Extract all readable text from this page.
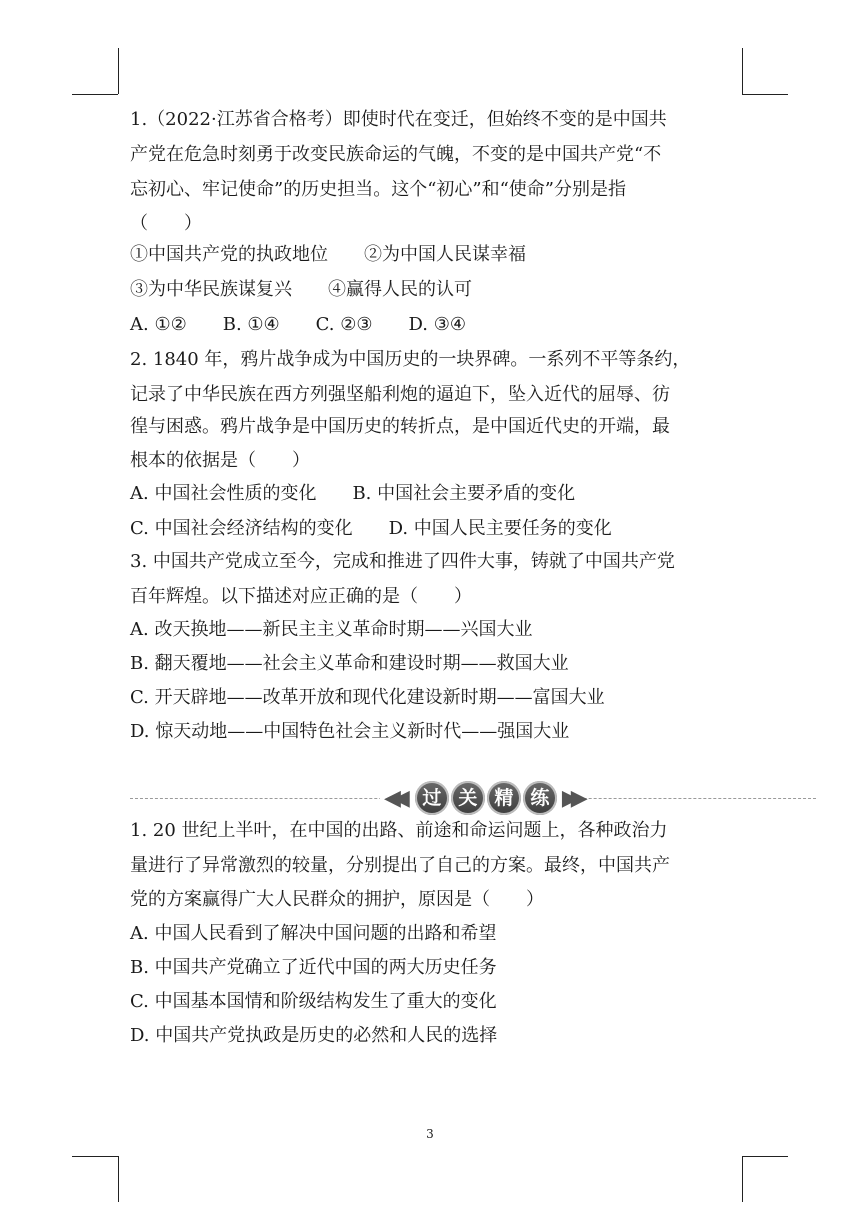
1.（2022·江苏省合格考）即使时代在变迁，但始终不变的是中国共
产党在危急时刻勇于改变民族命运的气魄，不变的是中国共产党“不
忘初心、牢记使命”的历史担当。这个“初心”和“使命”分别是指
（　　）
①中国共产党的执政地位　　②为中国人民谋幸福
③为中华民族谋复兴　　④赢得人民的认可
A. ①②　　B. ①④　　C. ②③　　D. ③④
2. 1840 年，鸦片战争成为中国历史的一块界碑。一系列不平等条约，
记录了中华民族在西方列强坚船利炮的逼迫下，坠入近代的屈辱、彷
徨与困惑。鸦片战争是中国历史的转折点，是中国近代史的开端，最
根本的依据是（　　）
A. 中国社会性质的变化　　B. 中国社会主要矛盾的变化
C. 中国社会经济结构的变化　　D. 中国人民主要任务的变化
3. 中国共产党成立至今，完成和推进了四件大事，铸就了中国共产党
百年辉煌。以下描述对应正确的是（　　）
A. 改天换地——新民主主义革命时期——兴国大业
B. 翻天覆地——社会主义革命和建设时期——救国大业
C. 开天辟地——改革开放和现代化建设新时期——富国大业
D. 惊天动地——中国特色社会主义新时代——强国大业
◀◀	过 关 精 练 ▶▶
1. 20 世纪上半叶，在中国的出路、前途和命运问题上，各种政治力
量进行了异常激烈的较量，分别提出了自己的方案。最终，中国共产
党的方案赢得广大人民群众的拥护，原因是（　　）
A. 中国人民看到了解决中国问题的出路和希望
B. 中国共产党确立了近代中国的两大历史任务
C. 中国基本国情和阶级结构发生了重大的变化
D. 中国共产党执政是历史的必然和人民的选择
3
